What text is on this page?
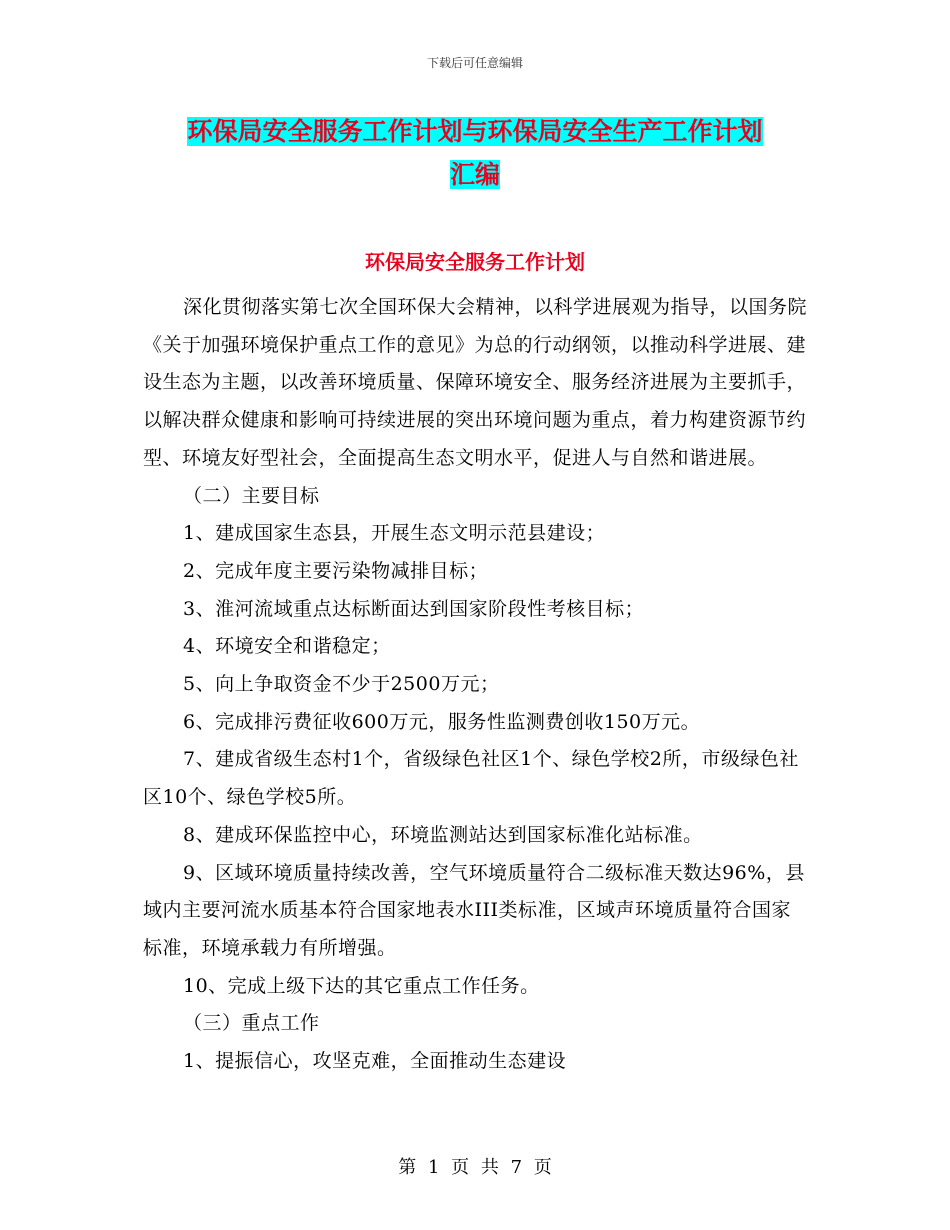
下载后可任意编辑
环保局安全服务工作计划与环保局安全生产工作计划
汇编
环保局安全服务工作计划

深化贯彻落实第七次全国环保大会精神，以科学进展观为指导，以国务院《关于加强环境保护重点工作的意见》为总的行动纲领，以推动科学进展、建设生态为主题，以改善环境质量、保障环境安全、服务经济进展为主要抓手，以解决群众健康和影响可持续进展的突出环境问题为重点，着力构建资源节约型、环境友好型社会，全面提高生态文明水平，促进人与自然和谐进展。

（二）主要目标

1、建成国家生态县，开展生态文明示范县建设；

2、完成年度主要污染物减排目标；

3、淮河流域重点达标断面达到国家阶段性考核目标；

4、环境安全和谐稳定；

5、向上争取资金不少于2500万元；

6、完成排污费征收600万元，服务性监测费创收150万元。

7、建成省级生态村1个，省级绿色社区1个、绿色学校2所，市级绿色社区10个、绿色学校5所。

8、建成环保监控中心，环境监测站达到国家标准化站标准。

9、区域环境质量持续改善，空气环境质量符合二级标准天数达96%，县域内主要河流水质基本符合国家地表水III类标准，区域声环境质量符合国家标准，环境承载力有所增强。

10、完成上级下达的其它重点工作任务。

（三）重点工作

1、提振信心，攻坚克难，全面推动生态建设

第 1 页 共 7 页
